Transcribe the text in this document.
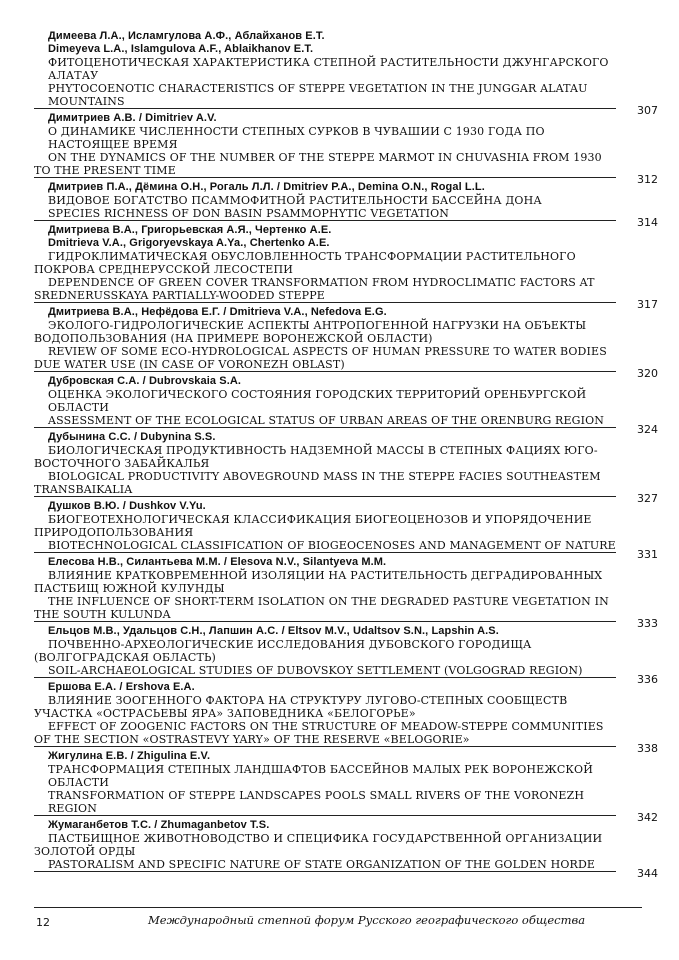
Димеева Л.А., Исламгулова А.Ф., Аблайханов Е.Т.
Dimeyeva L.A., Islamgulova A.F., Ablaikhanov E.T.
ФИТОЦЕНОТИЧЕСКАЯ ХАРАКТЕРИСТИКА СТЕПНОЙ РАСТИТЕЛЬНОСТИ ДЖУНГАРСКОГО АЛАТАУ
PHYTOCOENOTIC CHARACTERISTICS OF STEPPE VEGETATION IN THE JUNGGAR ALATAU MOUNTAINS
307
Димитриев А.В. / Dimitriev A.V.
О ДИНАМИКЕ ЧИСЛЕННОСТИ СТЕПНЫХ СУРКОВ В ЧУВАШИИ С 1930 ГОДА ПО НАСТОЯЩЕЕ ВРЕМЯ
ON THE DYNAMICS OF THE NUMBER OF THE STEPPE MARMOT IN CHUVASHIA FROM 1930 TO THE PRESENT TIME
312
Дмитриев П.А., Дёмина О.Н., Рогаль Л.Л. / Dmitriev P.A., Demina O.N., Rogal L.L.
ВИДОВОЕ БОГАТСТВО ПСАММОФИТНОЙ РАСТИТЕЛЬНОСТИ БАССЕЙНА ДОНА
SPECIES RICHNESS OF DON BASIN PSAMMOPHYTIC VEGETATION
314
Дмитриева В.А., Григорьевская А.Я., Чертенко А.Е.
Dmitrieva V.A., Grigoryevskaya A.Ya., Chertenko A.E.
ГИДРОКЛИМАТИЧЕСКАЯ ОБУСЛОВЛЕННОСТЬ ТРАНСФОРМАЦИИ РАСТИТЕЛЬНОГО ПОКРОВА СРЕДНЕРУССКОЙ ЛЕСОСТЕПИ
DEPENDENCE OF GREEN COVER TRANSFORMATION FROM HYDROCLIMATIC FACTORS AT SREDNERUSSKAYA PARTIALLY-WOODED STEPPE
317
Дмитриева В.А., Нефёдова Е.Г. / Dmitrieva V.A., Nefedova E.G.
ЭКОЛОГО-ГИДРОЛОГИЧЕСКИЕ АСПЕКТЫ АНТРОПОГЕННОЙ НАГРУЗКИ НА ОБЪЕКТЫ ВОДОПОЛЬЗОВАНИЯ (НА ПРИМЕРЕ ВОРОНЕЖСКОЙ ОБЛАСТИ)
REVIEW OF SOME ECO-HYDROLOGICAL ASPECTS OF HUMAN PRESSURE TO WATER BODIES DUE WATER USE (IN CASE OF VORONEZH OBLAST)
320
Дубровская С.А. / Dubrovskaia S.A.
ОЦЕНКА ЭКОЛОГИЧЕСКОГО СОСТОЯНИЯ ГОРОДСКИХ ТЕРРИТОРИЙ ОРЕНБУРГСКОЙ ОБЛАСТИ
ASSESSMENT OF THE ECOLOGICAL STATUS OF URBAN AREAS OF THE ORENBURG REGION
324
Дубынина С.С. / Dubynina S.S.
БИОЛОГИЧЕСКАЯ ПРОДУКТИВНОСТЬ НАДЗЕМНОЙ МАССЫ В СТЕПНЫХ ФАЦИЯХ ЮГО-ВОСТОЧНОГО ЗАБАЙКАЛЬЯ
BIOLOGICAL PRODUCTIVITY ABOVEGROUND MASS IN THE STEPPE FACIES SOUTHEASTEM TRANSBAIKALIA
327
Душков В.Ю. / Dushkov V.Yu.
БИОГЕОТЕХНОЛОГИЧЕСКАЯ КЛАССИФИКАЦИЯ БИОГЕОЦЕНОЗОВ И УПОРЯДОЧЕНИЕ ПРИРОДОПОЛЬЗОВАНИЯ
BIOTECHNOLOGICAL CLASSIFICATION OF BIOGEOCENOSES AND MANAGEMENT OF NATURE
331
Елесова Н.В., Силантьева М.М. / Elesova N.V., Silantyeva M.M.
ВЛИЯНИЕ КРАТКОВРЕМЕННОЙ ИЗОЛЯЦИИ НА РАСТИТЕЛЬНОСТЬ ДЕГРАДИРОВАННЫХ ПАСТБИЩ ЮЖНОЙ КУЛУНДЫ
THE INFLUENCE OF SHORT-TERM ISOLATION ON THE DEGRADED PASTURE VEGETATION IN THE SOUTH KULUNDA
333
Ельцов М.В., Удальцов С.Н., Лапшин А.С. / Eltsov M.V., Udaltsov S.N., Lapshin A.S.
ПОЧВЕННО-АРХЕОЛОГИЧЕСКИЕ ИССЛЕДОВАНИЯ ДУБОВСКОГО ГОРОДИЩА (ВОЛГОГРАДСКАЯ ОБЛАСТЬ)
SOIL-ARCHAEOLOGICAL STUDIES OF DUBOVSKOY SETTLEMENT (VOLGOGRAD REGION)
336
Ершова Е.А. / Ershova E.A.
ВЛИЯНИЕ ЗООГЕННОГО ФАКТОРА НА СТРУКТУРУ ЛУГОВО-СТЕПНЫХ СООБЩЕСТВ УЧАСТКА «ОСТРАСЬЕВЫ ЯРА» ЗАПОВЕДНИКА «БЕЛОГОРЬЕ»
EFFECT OF ZOOGENIC FACTORS ON THE STRUCTURE OF MEADOW-STEPPE COMMUNITIES OF THE SECTION «OSTRASTEVY YARY» OF THE RESERVE «BELOGORIE»
338
Жигулина Е.В. / Zhigulina E.V.
ТРАНСФОРМАЦИЯ СТЕПНЫХ ЛАНДШАФТОВ БАССЕЙНОВ МАЛЫХ РЕК ВОРОНЕЖСКОЙ ОБЛАСТИ
TRANSFORMATION OF STEPPE LANDSCAPES POOLS SMALL RIVERS OF THE VORONEZH REGION
342
Жумаганбетов Т.С. / Zhumaganbetov T.S.
ПАСТБИЩНОЕ ЖИВОТНОВОДСТВО И СПЕЦИФИКА ГОСУДАРСТВЕННОЙ ОРГАНИЗАЦИИ ЗОЛОТОЙ ОРДЫ
PASTORALISM AND SPECIFIC NATURE OF STATE ORGANIZATION OF THE GOLDEN HORDE
344
12	Международный степной форум Русского географического общества
